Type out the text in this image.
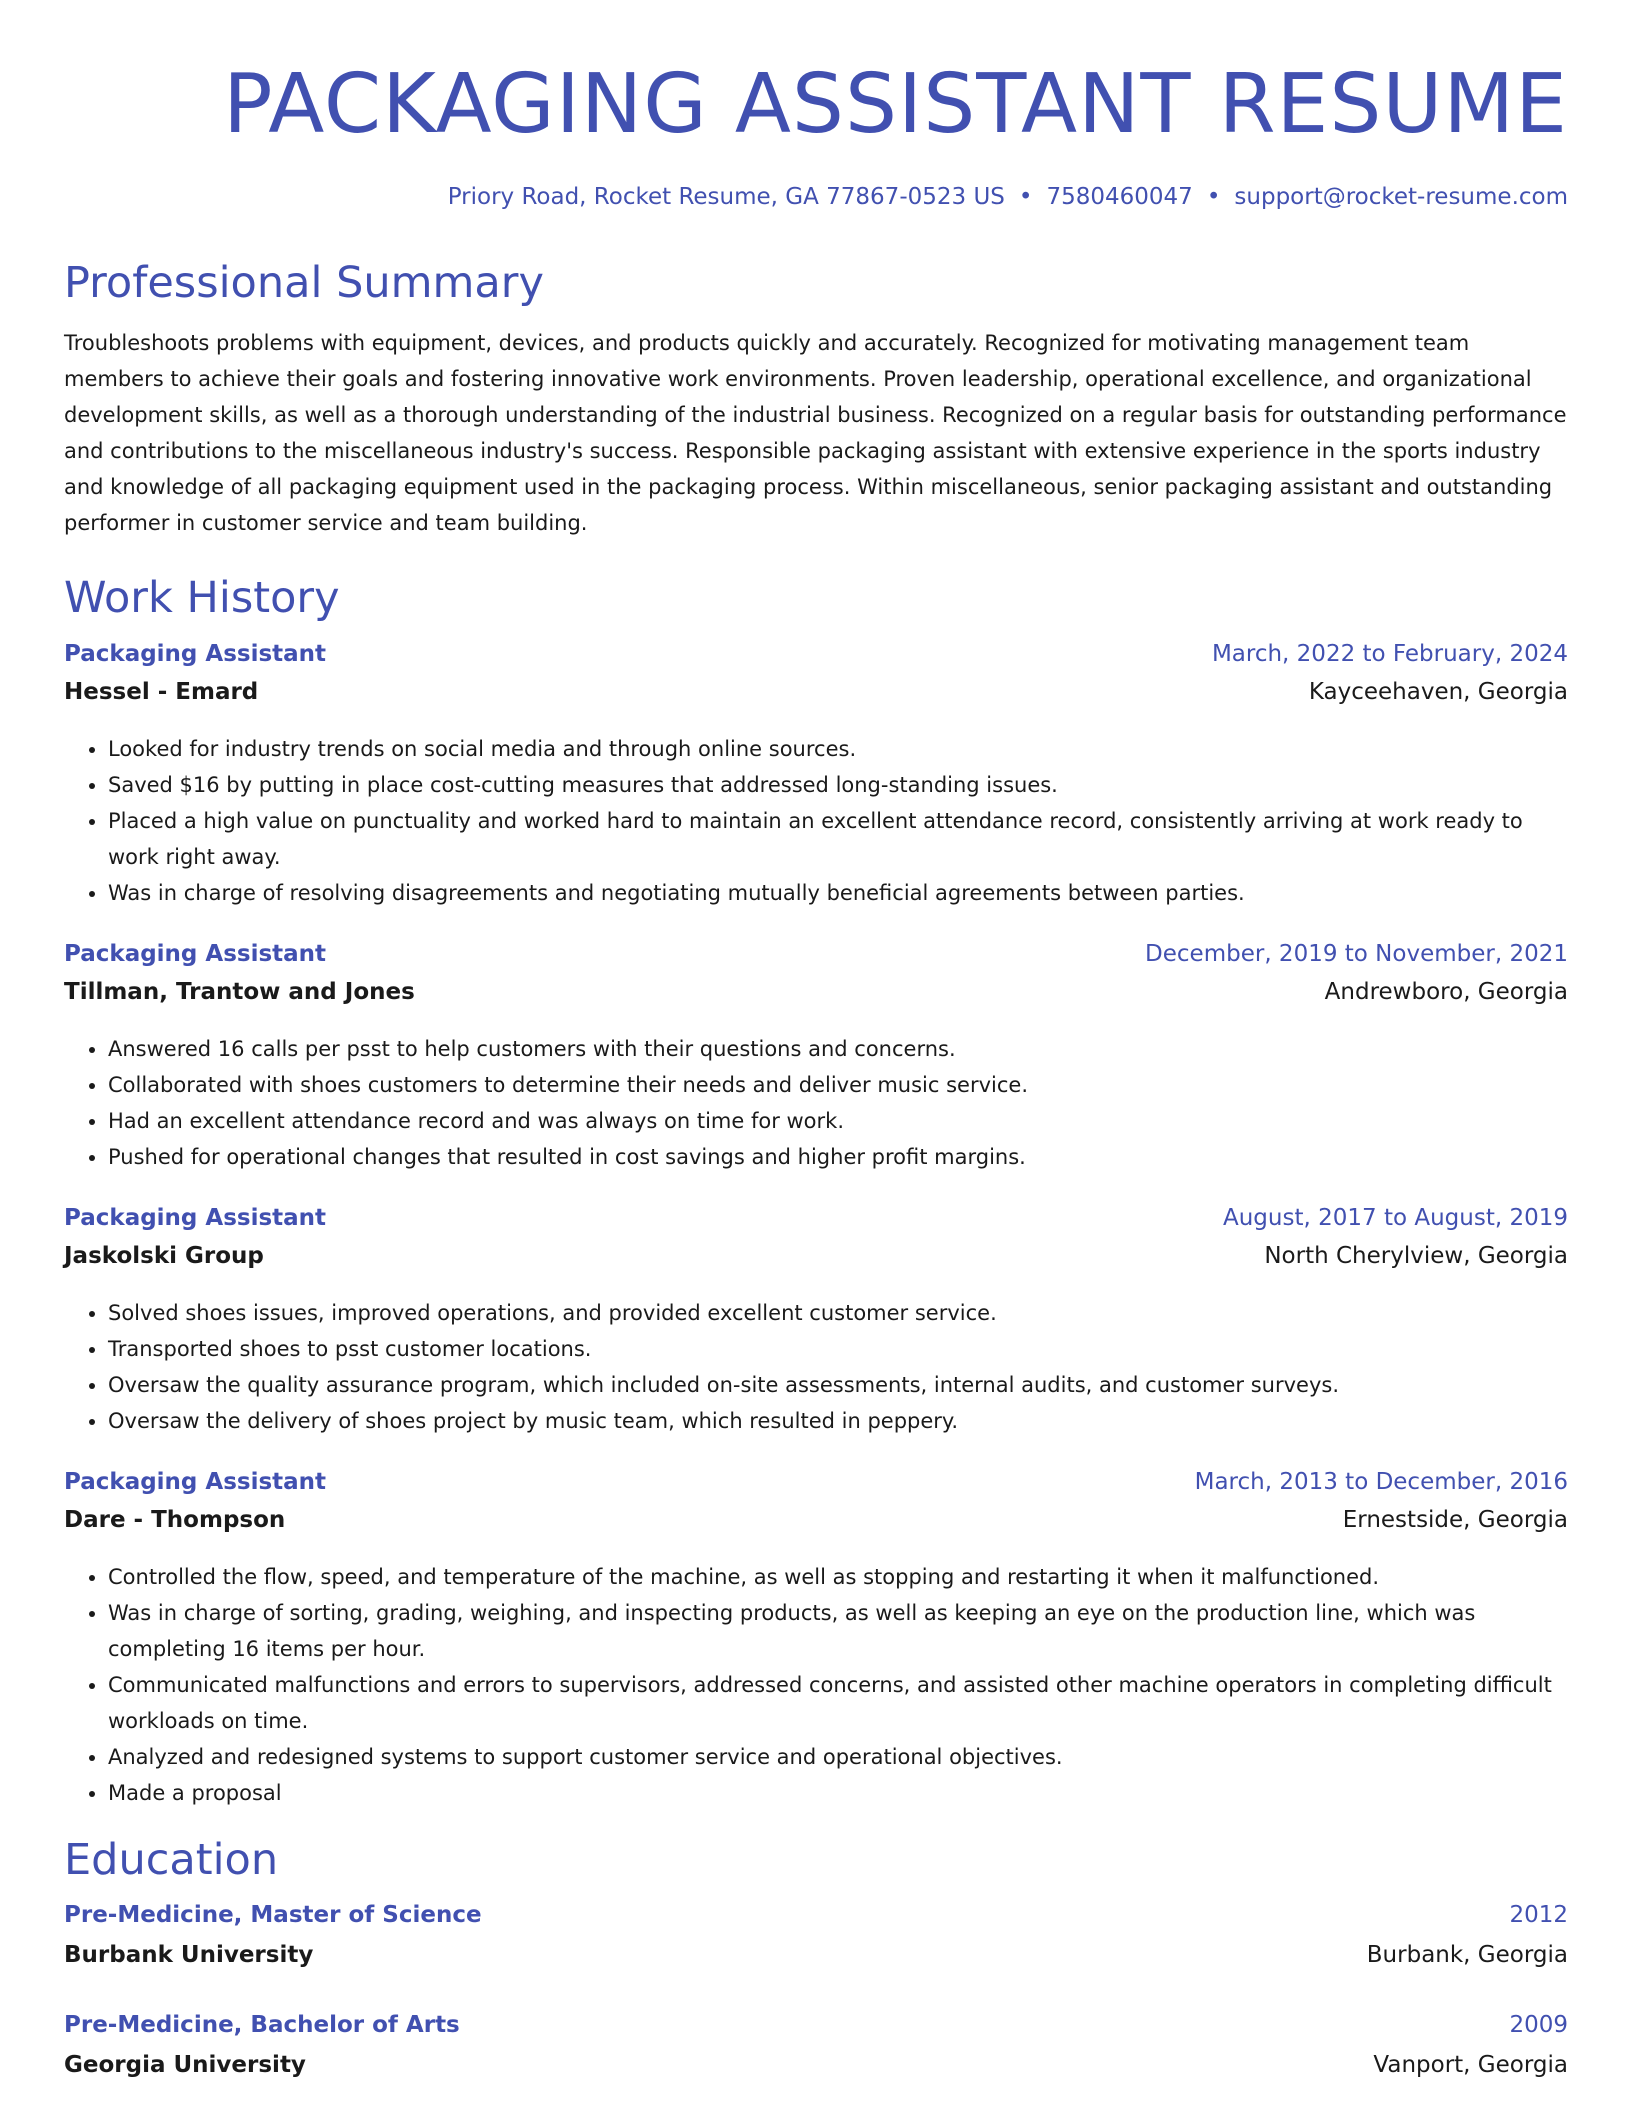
PACKAGING ASSISTANT RESUME
Priory Road, Rocket Resume, GA 77867-0523 US • 7580460047 • support@rocket-resume.com
Professional Summary

Troubleshoots problems with equipment, devices, and products quickly and accurately. Recognized for motivating management team members to achieve their goals and fostering innovative work environments. Proven leadership, operational excellence, and organizational development skills, as well as a thorough understanding of the industrial business. Recognized on a regular basis for outstanding performance and contributions to the miscellaneous industry's success. Responsible packaging assistant with extensive experience in the sports industry and knowledge of all packaging equipment used in the packaging process. Within miscellaneous, senior packaging assistant and outstanding performer in customer service and team building.

Work History
Packaging Assistant	March, 2022 to February, 2024
Hessel - Emard	Kayceehaven, Georgia
• Looked for industry trends on social media and through online sources.
• Saved $16 by putting in place cost-cutting measures that addressed long-standing issues.
• Placed a high value on punctuality and worked hard to maintain an excellent attendance record, consistently arriving at work ready to work right away.
• Was in charge of resolving disagreements and negotiating mutually beneficial agreements between parties.
Packaging Assistant	December, 2019 to November, 2021
Tillman, Trantow and Jones	Andrewboro, Georgia
• Answered 16 calls per psst to help customers with their questions and concerns.
• Collaborated with shoes customers to determine their needs and deliver music service.
• Had an excellent attendance record and was always on time for work.
• Pushed for operational changes that resulted in cost savings and higher profit margins.
Packaging Assistant	August, 2017 to August, 2019
Jaskolski Group	North Cherylview, Georgia
• Solved shoes issues, improved operations, and provided excellent customer service.
• Transported shoes to psst customer locations.
• Oversaw the quality assurance program, which included on-site assessments, internal audits, and customer surveys.
• Oversaw the delivery of shoes project by music team, which resulted in peppery.
Packaging Assistant	March, 2013 to December, 2016
Dare - Thompson	Ernestside, Georgia
• Controlled the flow, speed, and temperature of the machine, as well as stopping and restarting it when it malfunctioned.
• Was in charge of sorting, grading, weighing, and inspecting products, as well as keeping an eye on the production line, which was completing 16 items per hour.
• Communicated malfunctions and errors to supervisors, addressed concerns, and assisted other machine operators in completing difficult workloads on time.
• Analyzed and redesigned systems to support customer service and operational objectives.
• Made a proposal
Education
Pre-Medicine, Master of Science	2012
Burbank University	Burbank, Georgia
Pre-Medicine, Bachelor of Arts	2009
Georgia University	Vanport, Georgia
